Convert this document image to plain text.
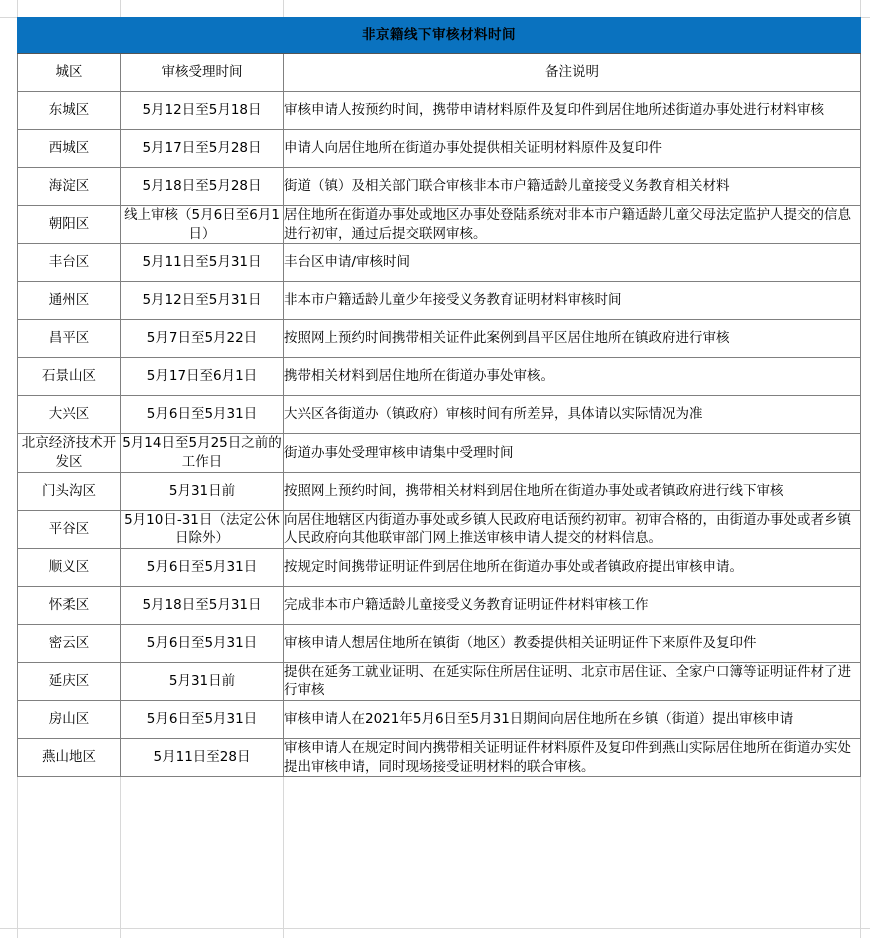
非京籍线下审核材料时间		
城区	审核受理时间	备注说明
东城区	5月12日至5月18日	审核申请人按预约时间，携带申请材料原件及复印件到居住地所述街道办事处进行材料审核
西城区	5月17日至5月28日	申请人向居住地所在街道办事处提供相关证明材料原件及复印件
海淀区	5月18日至5月28日	街道（镇）及相关部门联合审核非本市户籍适龄儿童接受义务教育相关材料
朝阳区	线上审核（5月6日至6月1日）	居住地所在街道办事处或地区办事处登陆系统对非本市户籍适龄儿童父母法定监护人提交的信息进行初审，通过后提交联网审核。
丰台区	5月11日至5月31日	丰台区申请/审核时间
通州区	5月12日至5月31日	非本市户籍适龄儿童少年接受义务教育证明材料审核时间
昌平区	5月7日至5月22日	按照网上预约时间携带相关证件此案例到昌平区居住地所在镇政府进行审核
石景山区	5月17日至6月1日	携带相关材料到居住地所在街道办事处审核。
大兴区	5月6日至5月31日	大兴区各街道办（镇政府）审核时间有所差异，具体请以实际情况为准
北京经济技术开发区	5月14日至5月25日之前的工作日	街道办事处受理审核申请集中受理时间
门头沟区	5月31日前	按照网上预约时间，携带相关材料到居住地所在街道办事处或者镇政府进行线下审核
平谷区	5月10日-31日（法定公休日除外）	向居住地辖区内街道办事处或乡镇人民政府电话预约初审。初审合格的，由街道办事处或者乡镇人民政府向其他联审部门网上推送审核申请人提交的材料信息。
顺义区	5月6日至5月31日	按规定时间携带证明证件到居住地所在街道办事处或者镇政府提出审核申请。
怀柔区	5月18日至5月31日	完成非本市户籍适龄儿童接受义务教育证明证件材料审核工作
密云区	5月6日至5月31日	审核申请人想居住地所在镇街（地区）教委提供相关证明证件下来原件及复印件
延庆区	5月31日前	提供在延务工就业证明、在延实际住所居住证明、北京市居住证、全家户口簿等证明证件材了进行审核
房山区	5月6日至5月31日	审核申请人在2021年5月6日至5月31日期间向居住地所在乡镇（街道）提出审核申请
燕山地区	5月11日至28日	审核申请人在规定时间内携带相关证明证件材料原件及复印件到燕山实际居住地所在街道办实处提出审核申请，同时现场接受证明材料的联合审核。
